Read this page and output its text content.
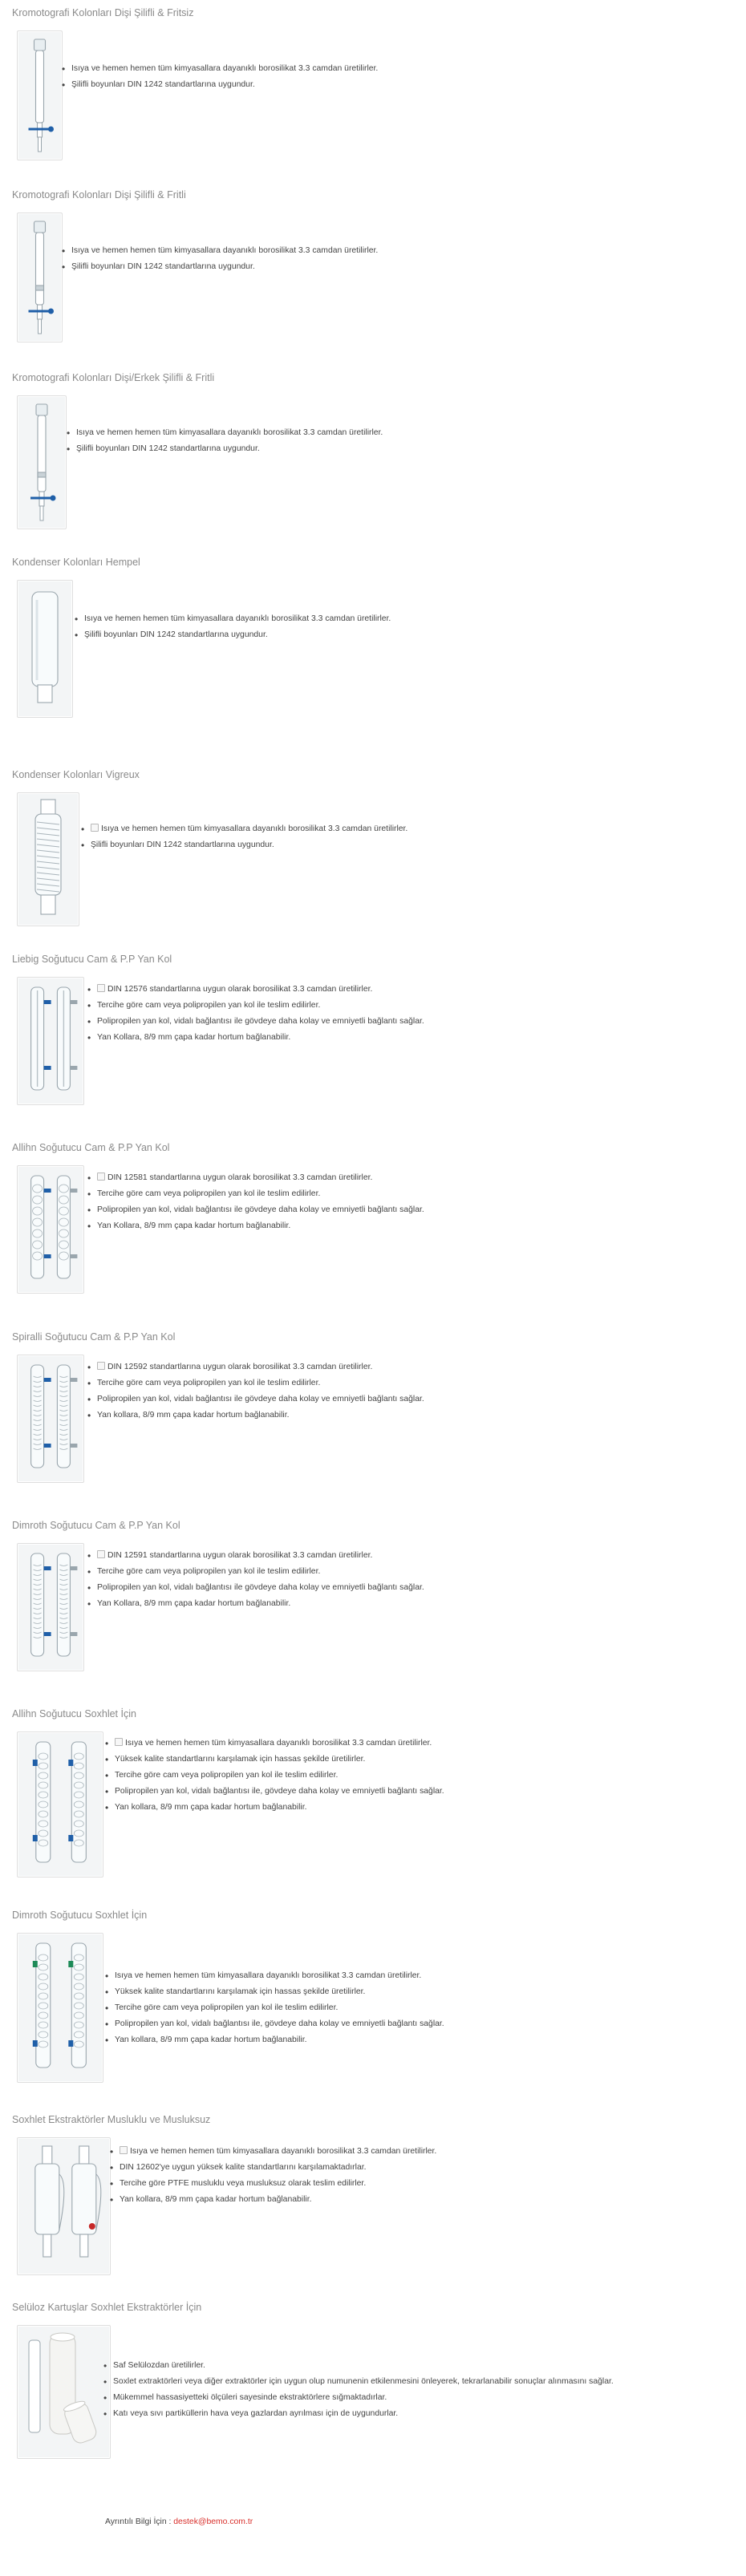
Kromotografi Kolonları Dişi Şilifli & Fritsiz
• Isıya ve hemen hemen tüm kimyasallara dayanıklı borosilikat 3.3 camdan üretilirler.
• Şilifli boyunları DIN 1242 standartlarına uygundur.
Kromotografi Kolonları Dişi Şilifli & Fritli
• Isıya ve hemen hemen tüm kimyasallara dayanıklı borosilikat 3.3 camdan üretilirler.
• Şilifli boyunları DIN 1242 standartlarına uygundur.
Kromotografi Kolonları Dişi/Erkek Şilifli & Fritli
• Isıya ve hemen hemen tüm kimyasallara dayanıklı borosilikat 3.3 camdan üretilirler.
• Şilifli boyunları DIN 1242 standartlarına uygundur.
Kondenser Kolonları Hempel
• Isıya ve hemen hemen tüm kimyasallara dayanıklı borosilikat 3.3 camdan üretilirler.
• Şilifli boyunları DIN 1242 standartlarına uygundur.
Kondenser Kolonları Vigreux
• Isıya ve hemen hemen tüm kimyasallara dayanıklı borosilikat 3.3 camdan üretilirler.
• Şilifli boyunları DIN 1242 standartlarına uygundur.
Liebig Soğutucu Cam & P.P Yan Kol
• DIN 12576 standartlarına uygun olarak borosilikat 3.3 camdan üretilirler.
• Tercihe göre cam veya polipropilen yan kol ile teslim edilirler.
• Polipropilen yan kol, vidalı bağlantısı ile gövdeye daha kolay ve emniyetli bağlantı sağlar.
• Yan Kollara, 8/9 mm çapa kadar hortum bağlanabilir.
Allihn Soğutucu Cam & P.P Yan Kol
• DIN 12581 standartlarına uygun olarak borosilikat 3.3 camdan üretilirler.
• Tercihe göre cam veya polipropilen yan kol ile teslim edilirler.
• Polipropilen yan kol, vidalı bağlantısı ile gövdeye daha kolay ve emniyetli bağlantı sağlar.
• Yan Kollara, 8/9 mm çapa kadar hortum bağlanabilir.
Spiralli Soğutucu Cam & P.P Yan Kol
• DIN 12592 standartlarına uygun olarak borosilikat 3.3 camdan üretilirler.
• Tercihe göre cam veya polipropilen yan kol ile teslim edilirler.
• Polipropilen yan kol, vidalı bağlantısı ile gövdeye daha kolay ve emniyetli bağlantı sağlar.
• Yan kollara, 8/9 mm çapa kadar hortum bağlanabilir.
Dimroth Soğutucu Cam & P.P Yan Kol
• DIN 12591 standartlarına uygun olarak borosilikat 3.3 camdan üretilirler.
• Tercihe göre cam veya polipropilen yan kol ile teslim edilirler.
• Polipropilen yan kol, vidalı bağlantısı ile gövdeye daha kolay ve emniyetli bağlantı sağlar.
• Yan Kollara, 8/9 mm çapa kadar hortum bağlanabilir.
Allihn Soğutucu Soxhlet İçin
• Isıya ve hemen hemen tüm kimyasallara dayanıklı borosilikat 3.3 camdan üretilirler.
• Yüksek kalite standartlarını karşılamak için hassas şekilde üretilirler.
• Tercihe göre cam veya polipropilen yan kol ile teslim edilirler.
• Polipropilen yan kol, vidalı bağlantısı ile, gövdeye daha kolay ve emniyetli bağlantı sağlar.
• Yan kollara, 8/9 mm çapa kadar hortum bağlanabilir.
Dimroth Soğutucu Soxhlet İçin
• Isıya ve hemen hemen tüm kimyasallara dayanıklı borosilikat 3.3 camdan üretilirler.
• Yüksek kalite standartlarını karşılamak için hassas şekilde üretilirler.
• Tercihe göre cam veya polipropilen yan kol ile teslim edilirler.
• Polipropilen yan kol, vidalı bağlantısı ile, gövdeye daha kolay ve emniyetli bağlantı sağlar.
• Yan kollara, 8/9 mm çapa kadar hortum bağlanabilir.
Soxhlet Ekstraktörler Musluklu ve Musluksuz
• Isıya ve hemen hemen tüm kimyasallara dayanıklı borosilikat 3.3 camdan üretilirler.
• DIN 12602'ye uygun yüksek kalite standartlarını karşılamaktadırlar.
• Tercihe göre PTFE musluklu veya musluksuz olarak teslim edilirler.
• Yan kollara, 8/9 mm çapa kadar hortum bağlanabilir.
Selüloz Kartuşlar Soxhlet Ekstraktörler İçin
• Saf Selülozdan üretilirler.
• Soxlet extraktörleri veya diğer extraktörler için uygun olup numunenin etkilenmesini önleyerek, tekrarlanabilir sonuçlar alınmasını sağlar.
• Mükemmel hassasiyetteki ölçüleri sayesinde ekstraktörlere sığmaktadırlar.
• Katı veya sıvı partiküllerin hava veya gazlardan ayrılması için de uygundurlar.
Ayrıntılı Bilgi İçin : destek@bemo.com.tr
